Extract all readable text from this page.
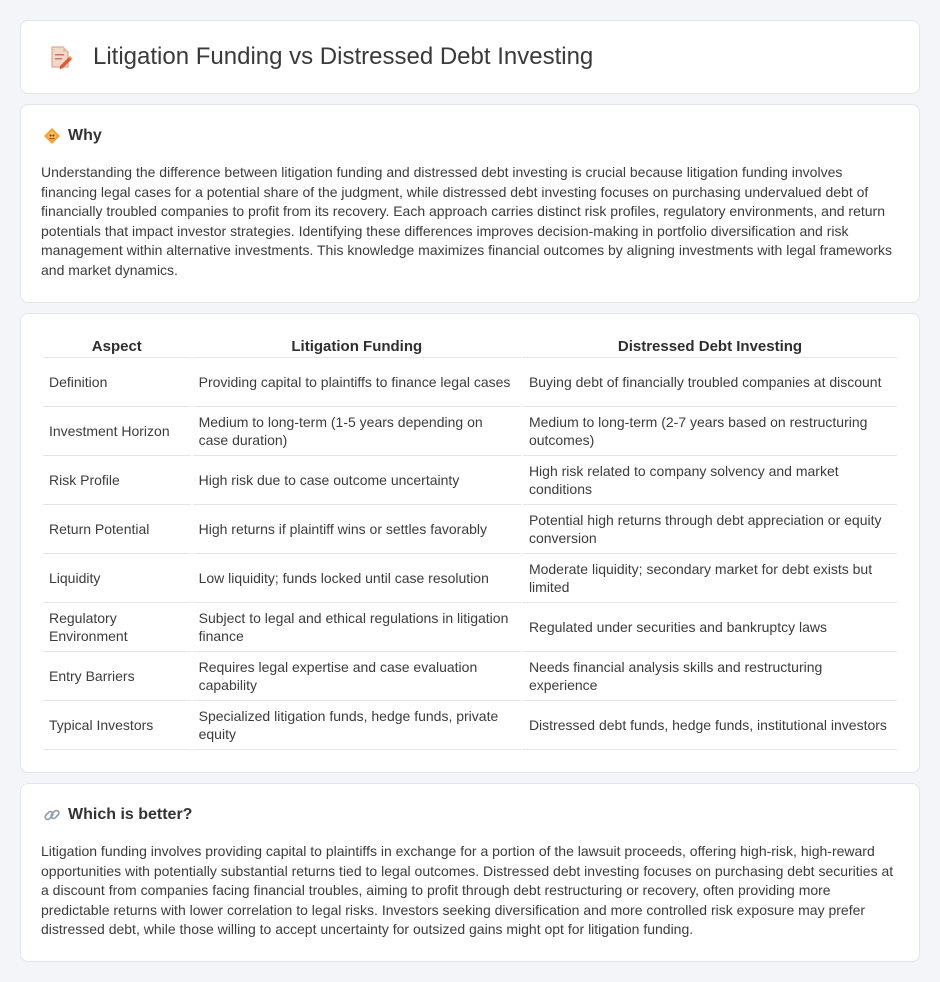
Litigation Funding vs Distressed Debt Investing
Why

Understanding the difference between litigation funding and distressed debt investing is crucial because litigation funding involves financing legal cases for a potential share of the judgment, while distressed debt investing focuses on purchasing undervalued debt of financially troubled companies to profit from its recovery. Each approach carries distinct risk profiles, regulatory environments, and return potentials that impact investor strategies. Identifying these differences improves decision-making in portfolio diversification and risk management within alternative investments. This knowledge maximizes financial outcomes by aligning investments with legal frameworks and market dynamics.

Aspect	Litigation Funding	Distressed Debt Investing
Definition	Providing capital to plaintiffs to finance legal cases	Buying debt of financially troubled companies at discount
Investment Horizon	Medium to long-term (1-5 years depending on case duration)	Medium to long-term (2-7 years based on restructuring outcomes)
Risk Profile	High risk due to case outcome uncertainty	High risk related to company solvency and market conditions
Return Potential	High returns if plaintiff wins or settles favorably	Potential high returns through debt appreciation or equity conversion
Liquidity	Low liquidity; funds locked until case resolution	Moderate liquidity; secondary market for debt exists but limited
Regulatory Environment	Subject to legal and ethical regulations in litigation finance	Regulated under securities and bankruptcy laws
Entry Barriers	Requires legal expertise and case evaluation capability	Needs financial analysis skills and restructuring experience
Typical Investors	Specialized litigation funds, hedge funds, private equity	Distressed debt funds, hedge funds, institutional investors
Which is better?

Litigation funding involves providing capital to plaintiffs in exchange for a portion of the lawsuit proceeds, offering high-risk, high-reward opportunities with potentially substantial returns tied to legal outcomes. Distressed debt investing focuses on purchasing debt securities at a discount from companies facing financial troubles, aiming to profit through debt restructuring or recovery, often providing more predictable returns with lower correlation to legal risks. Investors seeking diversification and more controlled risk exposure may prefer distressed debt, while those willing to accept uncertainty for outsized gains might opt for litigation funding.
